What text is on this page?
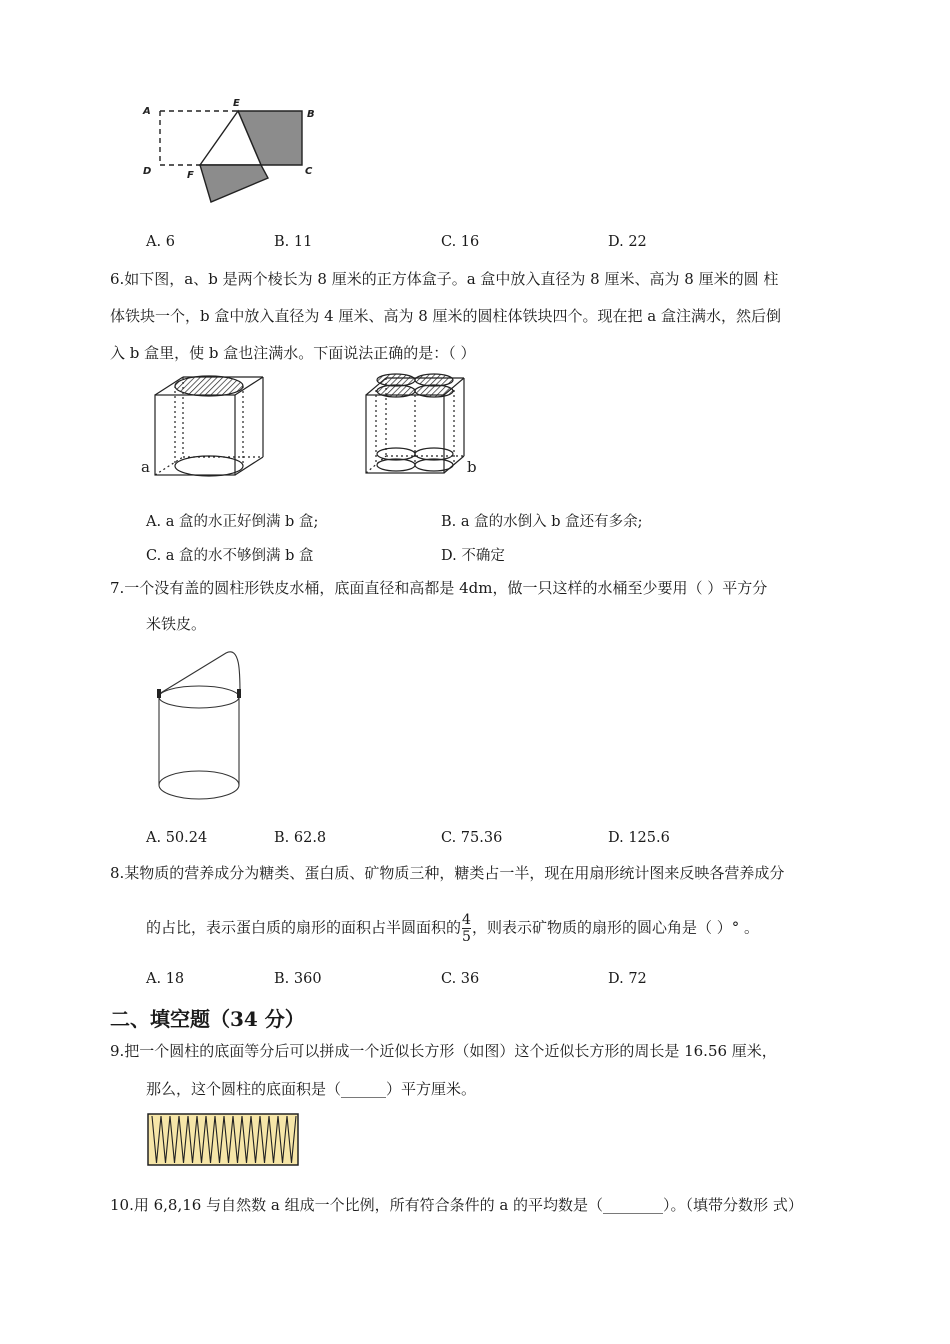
A
E
B
D	F	C
A. 6	B. 11	C. 16	D. 22
6.如下图，a、b 是两个棱长为 8 厘米的正方体盒子。a 盒中放入直径为 8 厘米、高为 8 厘米的圆 柱
体铁块一个，b 盒中放入直径为 4 厘米、高为 8 厘米的圆柱体铁块四个。现在把 a 盒注满水，然后倒
入 b 盒里，使 b 盒也注满水。下面说法正确的是：（ ）
a	b
A. a 盒的水正好倒满 b 盒;	B. a 盒的水倒入 b 盒还有多余;
C. a 盒的水不够倒满 b 盒	D. 不确定
7.一个没有盖的圆柱形铁皮水桶，底面直径和高都是 4dm，做一只这样的水桶至少要用（ ）平方分
米铁皮。
A. 50.24	B. 62.8	C. 75.36	D. 125.6
8.某物质的营养成分为糖类、蛋白质、矿物质三种，糖类占一半，现在用扇形统计图来反映各营养成分
的占比，表示蛋白质的扇形的面积占半圆面积的 $\frac{4}{5}$ ，则表示矿物质的扇形的圆心角是（ ）° 。
A. 18	B. 360	C. 36	D. 72
二、填空题（34 分）
9.把一个圆柱的底面等分后可以拼成一个近似长方形（如图）这个近似长方形的周长是 16.56 厘米，
那么，这个圆柱的底面积是（______）平方厘米。
10.用 6,8,16 与自然数 a 组成一个比例，所有符合条件的 a 的平均数是（________）。（填带分数形 式）
